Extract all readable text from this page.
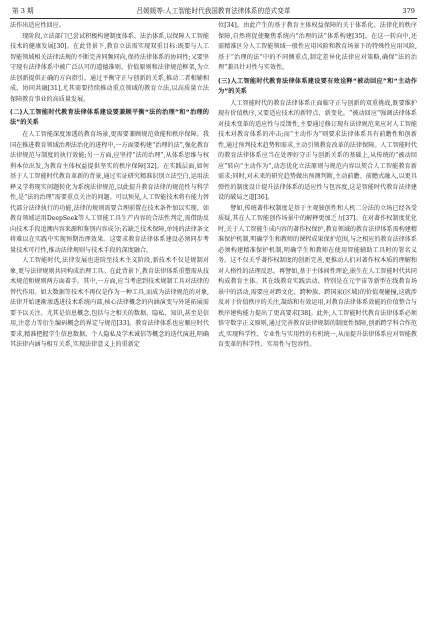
第 3 期	吕媛媛等:人工智能时代我国教育法律体系的范式变革	379

法作出适应性回应。

现阶段,立法部门已尝试积极构建制度体系、法治体系,以保障人工智能技术的健康发展[30]。在此背景下,教育立法需实现双重目标:既要与人工智能领域相关法律法规的不断完善同频同向,保持法律体系的协同性;又要坚守现有法律体系中被广泛认可的道德准则、价值原则和法律规范框架,为立法创新提供正确的方向指引。通过平衡守正与创新的关系,推动二者相辅相成、协同共融[31],尤其需要持续推动重点领域的教育立法,以高质量立法保障教育事业的高质量发展。

(二)人工智能时代教育法律体系建设要兼顾平衡“法的治理”和“治理的法”的关系

在人工智能深度渗透的教育场景,更需要兼顾规范效能和秩序保障。我国在推进教育领域治理法治化的进程中,一方面要构建“治理的法”,强化教育法律规范与制度的执行效能;另一方面,应坚持“法的治理”,从体系思维与权利本位出发,为教育主体权益提供坚实的秩序保障[32]。在实践层面,如何基于人工智能时代教育革新的背景,通过实证研究精准识别立法空白,运用法释义学将现实问题转化为系统法律规范,以此提升教育法律的规范性与科学性,是“法的治理”需要重点关注的问题。可以预见,人工智能技术将有能力替代部分法律执行的功能,法律的规则需要合理前置在技术条件加以实现。如教育领域运用DeepSeek等人工智能工具生产内容的合法性判定,需借助反向技术手段追溯内容来源和鉴别内容成分;若缺乏技术保障,单纯的法律条文将难以在实践中实现预期治理效果。这要求教育法律体系建设必须同步考量技术可行性,推动法律规则与技术手段的深度融合。

人工智能时代,法律发展也进阶至技术主义阶段,新技术不仅是规制对象,更与法律规则共同构成治理工具。在此背景下,教育法律体系重塑需从技术规范和规则两方面着手。其中,一方面,应当考虑到技术规制工具对法律的替代作用。如大数据等技术不再仅是作为一种工具,而成为法律规范的对象,法律开始逐渐渗透进技术系统内部,核心法律概念的内涵演变与外延拓展需要予以关注。尤其是信息概念,包括与之相关的数据、隐私、知识,甚至是信用,注意力等衍生编码概念的界定与规范[33]。教育法律体系也应顺应时代要求,精准把握学生信息数据、个人隐私及学术诚信等概念的迭代演进,明确其法律内涵与相互关系,实现法律意义上的重新定

位[34]。由此产生的基于教育主体权益保障的关于体系化、法律化的秩序保障,自然将促使聚焦系统内“治理的法”体系构建[35]。在这一转向中,还需精准区分人工智能领域一般性应用风险和教育场景下的特殊性应用风险,基于“治理的法”中的不同侧重点,制定差异化法律应对策略,确保“法的治理”兼具针对性与实效性。

(三)人工智能时代教育法律体系建设要有效诠释“被动回应”和“主动作为”的关系

人工智能时代的教育法律体系正面临守正与创新的双重挑战,既要维护现有价值秩序,又要适应技术的新特点、新变化。“被动回应”强调法律体系对技术变革的适应性与反馈性,主要通过修订现有法律规范来应对人工智能技术对教育体系的冲击;而“主动作为”则要求法律体系具有前瞻性和创新性,通过预判技术趋势和需求,主动引领教育改革的法律保障。人工智能时代的教育法律体系应当在处理好守正与创新关系的基础上,从传统的“被动回应”转向“主动作为”,动态优化立法原则与规范内容以契合人工智能教育新需求;同时,对未来的研究趋势做出预测判断,主动前瞻、前瞻式融入,以更具弹性的制度设计提升法律体系的适应性与包容度,这是智能时代教育法律建设的破局之道[36]。

譬如,传统著作权制度是基于主观独创性和人机二分法的立场已经各受质疑,其在人工智能创作场景中的解释更加乏力[37]。在对著作权制度优化时,关于人工智能生成内容的著作权保护,教育领域的教育法律体系需构建精准保护机制,明确学生和教师的课程成果保护范围,与之相应的教育法律体系必须构建精准保护机制,明确学生和教师在使用智能辅助工具时的署名义务。这不仅关乎著作权制度的创新完善,更推动人们对著作权本质的理解和对人格性的法理反思。再譬如,基于主体间性理论,嵌生在人工智能时代共同构成教育主体。其在线教育实践活动、特别是在元宇宙等新型在线教育场景中的活动,需要应对跨文化、跨种族、跨国家(区域)的价值观碰撞,这就涉及对于价值秩序的关注,凝练和有效运用,对教育法律体系效能的价值整合与秩序建构能力提出了更高要求[38]。此外,人工智能时代教育法律体系必须恪守数字正义原则,通过完善教育法律规制的制度性保障,创新跨学科合作范式,实现科学性、专业性与实用性的有机统一,从而提升法律体系应对智能教育变革的科学性、实用性与包容性。
